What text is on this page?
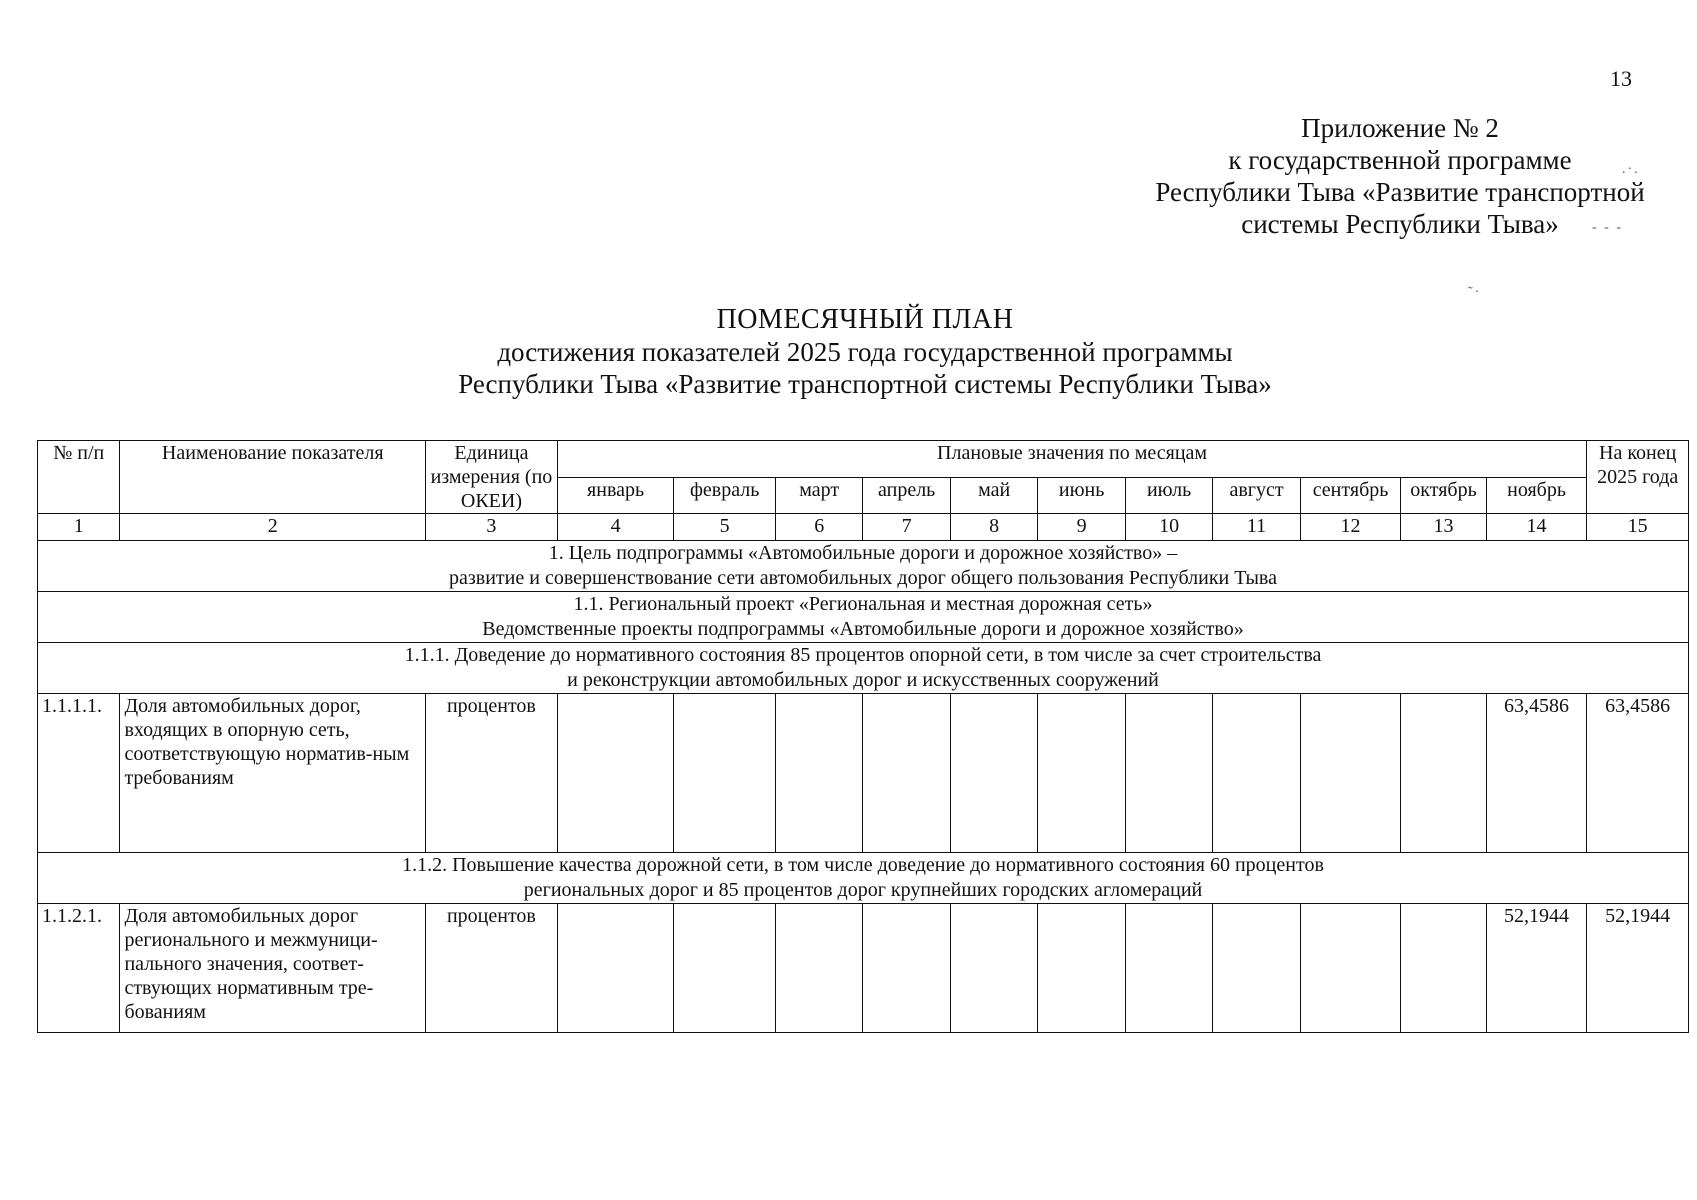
13
Приложение № 2
к государственной программе
Республики Тыва «Развитие транспортной
системы Республики Тыва»
ПОМЕСЯЧНЫЙ ПЛАН
достижения показателей 2025 года государственной программы
Республики Тыва «Развитие транспортной системы Республики Тыва»
№ п/п	Наименование показателя	Единица измерения (по ОКЕИ)	Плановые значения по месяцам											На конец 2025 года
			январь	февраль	март	апрель	май	июнь	июль	август	сентябрь	октябрь	ноябрь	
1	2	3	4	5	6	7	8	9	10	11	12	13	14	15

1. Цель подпрограммы «Автомобильные дороги и дорожное хозяйство» –
развитие и совершенствование сети автомобильных дорог общего пользования Республики Тыва														

1.1. Региональный проект «Региональная и местная дорожная сеть»
Ведомственные проекты подпрограммы «Автомобильные дороги и дорожное хозяйство»														

1.1.1. Доведение до нормативного состояния 85 процентов опорной сети, в том числе за счет строительства
и реконструкции автомобильных дорог и искусственных сооружений														

1.1.1.1.	Доля автомобильных дорог, входящих в опорную сеть, соответствующую норматив-ным требованиям	процентов											63,4586	63,4586

1.1.2. Повышение качества дорожной сети, в том числе доведение до нормативного состояния 60 процентов
региональных дорог и 85 процентов дорог крупнейших городских агломераций														

1.1.2.1.	Доля автомобильных дорог регионального и межмуници-пального значения, соответ-ствующих нормативным тре-бованиям	процентов											52,1944	52,1944
.·.
- - -
˜·
